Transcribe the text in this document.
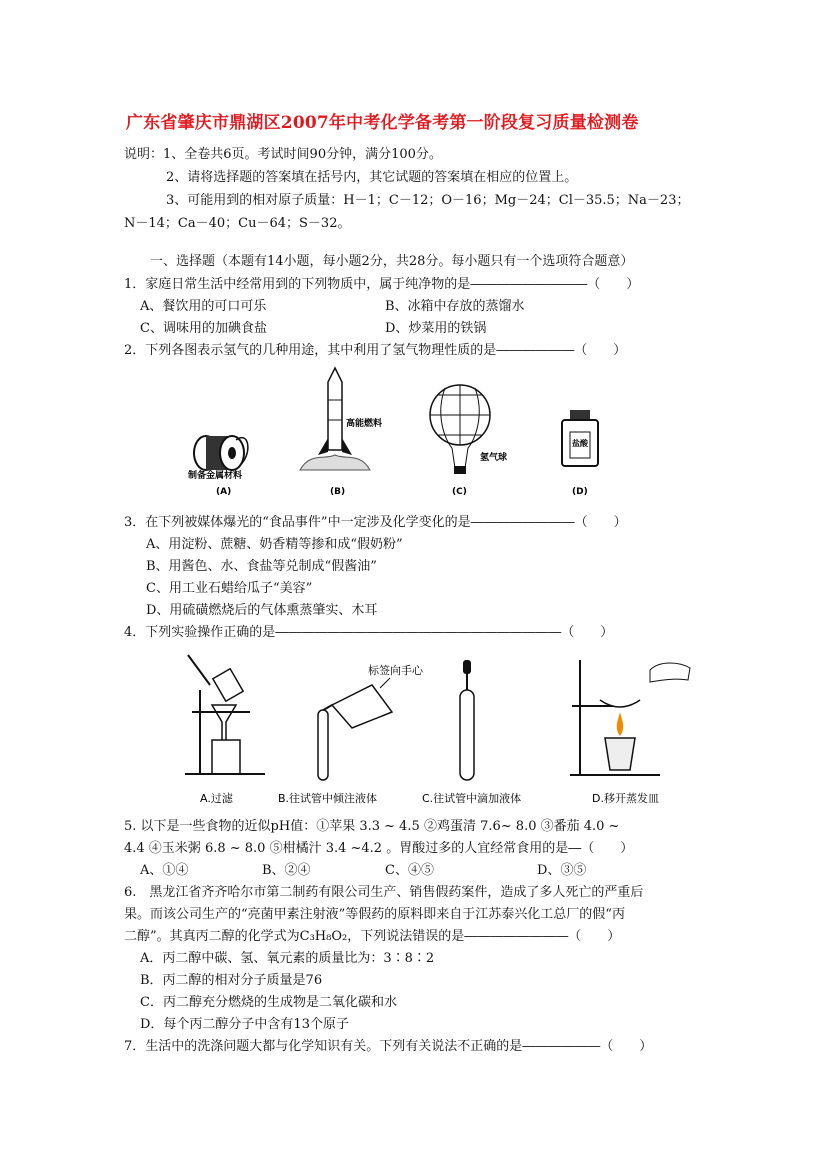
广东省肇庆市鼎湖区2007年中考化学备考第一阶段复习质量检测卷
说明：1、全卷共6页。考试时间90分钟，满分100分。
2、请将选择题的答案填在括号内，其它试题的答案填在相应的位置上。
3、可能用到的相对原子质量：H－1；C－12；O－16；Mg－24；Cl－35.5；Na－23；
N－14；Ca－40；Cu－64；S－32。
一、选择题（本题有14小题，每小题2分，共28分。每小题只有一个选项符合题意）
1．家庭日常生活中经常用到的下列物质中，属于纯净物的是―――――――――（　　）
A、餐饮用的可口可乐	B、冰箱中存放的蒸馏水
C、调味用的加碘食盐	D、炒菜用的铁锅
2．下列各图表示氢气的几种用途，其中利用了氢气物理性质的是――――――（　　）
制备金属材料
(A)
高能燃料
(B)
氢气球
(C)
盐酸
(D)
3．在下列被媒体爆光的“食品事件”中一定涉及化学变化的是――――――――（　　）
A、用淀粉、蔗糖、奶香精等掺和成“假奶粉”
B、用酱色、水、食盐等兑制成“假酱油”
C、用工业石蜡给瓜子“美容”
D、用硫磺燃烧后的气体熏蒸肇实、木耳
4．下列实验操作正确的是――――――――――――――――――――――（　　）
A.过滤
标签向手心
B.往试管中倾注液体	C.往试管中滴加液体	D.移开蒸发皿
5. 以下是一些食物的近似pH值：①苹果 3.3 ~ 4.5 ②鸡蛋清 7.6~ 8.0 ③番茄 4.0 ~
4.4 ④玉米粥 6.8 ~ 8.0 ⑤柑橘汁 3.4 ~4.2 。胃酸过多的人宜经常食用的是―（　　）
A、①④	B、②④	C、④⑤	D、③⑤
6.　黑龙江省齐齐哈尔市第二制药有限公司生产、销售假药案件，造成了多人死亡的严重后
果。而该公司生产的“亮菌甲素注射液”等假药的原料即来自于江苏泰兴化工总厂的假“丙
二醇”。其真丙二醇的化学式为C₃H₈O₂，下列说法错误的是――――――――（　　）
A．丙二醇中碳、氢、氧元素的质量比为：3∶8∶2
B．丙二醇的相对分子质量是76
C．丙二醇充分燃烧的生成物是二氧化碳和水
D．每个丙二醇分子中含有13个原子
7．生活中的洗涤问题大都与化学知识有关。下列有关说法不正确的是――――――（　　）
